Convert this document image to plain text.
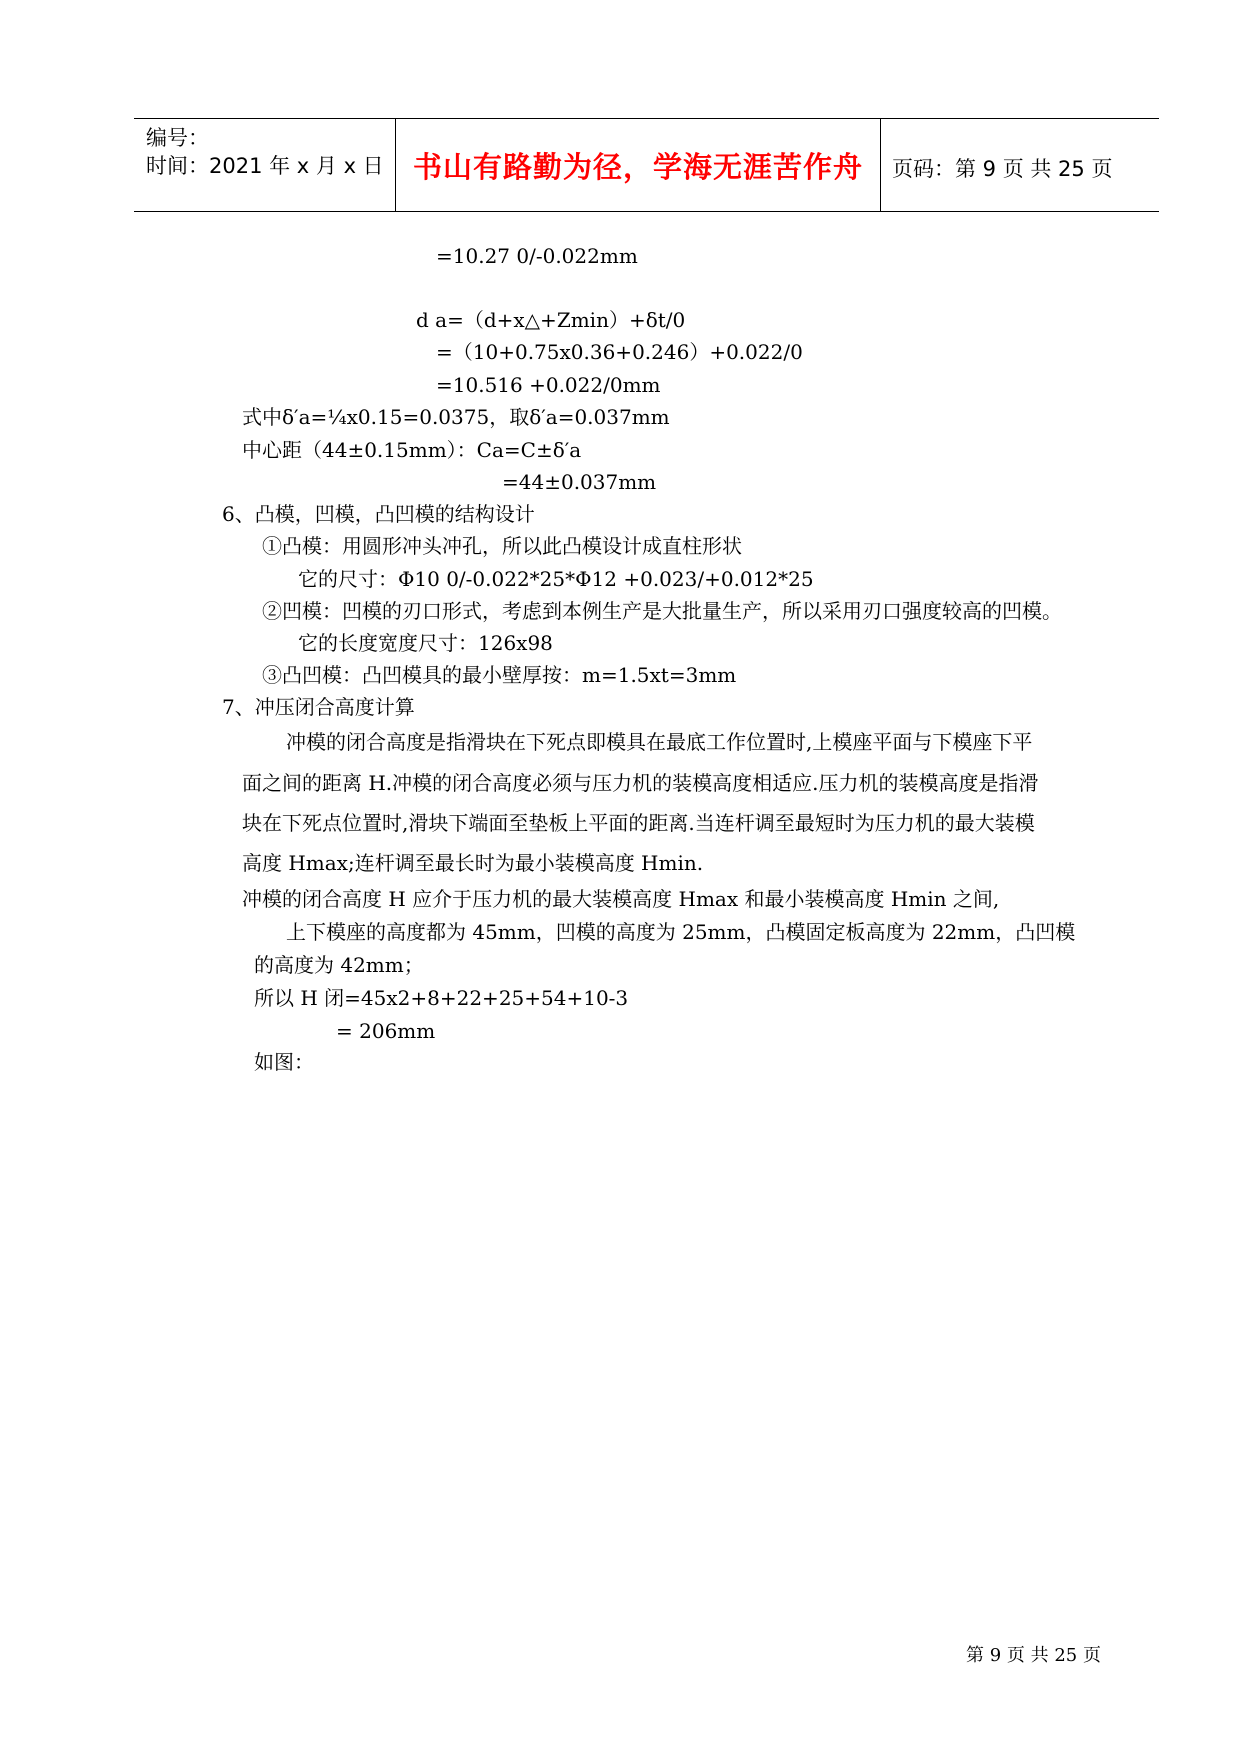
编号：
时间：2021 年 x 月 x 日	书山有路勤为径，学海无涯苦作舟	页码：第 9 页 共 25 页
=10.27 0/-0.022mm
d a=（d+x△+Zmin）+δt/0
=（10+0.75x0.36+0.246）+0.022/0
=10.516 +0.022/0mm
式中δ′a=¼x0.15=0.0375，取δ′a=0.037mm
中心距（44±0.15mm）：Ca=C±δ′a
=44±0.037mm
6、凸模，凹模，凸凹模的结构设计
①凸模：用圆形冲头冲孔，所以此凸模设计成直柱形状
它的尺寸：Φ10 0/-0.022*25*Φ12 +0.023/+0.012*25
②凹模：凹模的刃口形式，考虑到本例生产是大批量生产，所以采用刃口强度较高的凹模。
它的长度宽度尺寸：126x98
③凸凹模：凸凹模具的最小壁厚按：m=1.5xt=3mm
7、冲压闭合高度计算
冲模的闭合高度是指滑块在下死点即模具在最底工作位置时,上模座平面与下模座下平
面之间的距离 H.冲模的闭合高度必须与压力机的装模高度相适应.压力机的装模高度是指滑
块在下死点位置时,滑块下端面至垫板上平面的距离.当连杆调至最短时为压力机的最大装模
高度 Hmax;连杆调至最长时为最小装模高度 Hmin.
冲模的闭合高度 H 应介于压力机的最大装模高度 Hmax 和最小装模高度 Hmin 之间,
上下模座的高度都为 45mm，凹模的高度为 25mm，凸模固定板高度为 22mm，凸凹模
的高度为 42mm；
所以 H 闭=45x2+8+22+25+54+10-3
= 206mm
如图：
第 9 页 共 25 页
